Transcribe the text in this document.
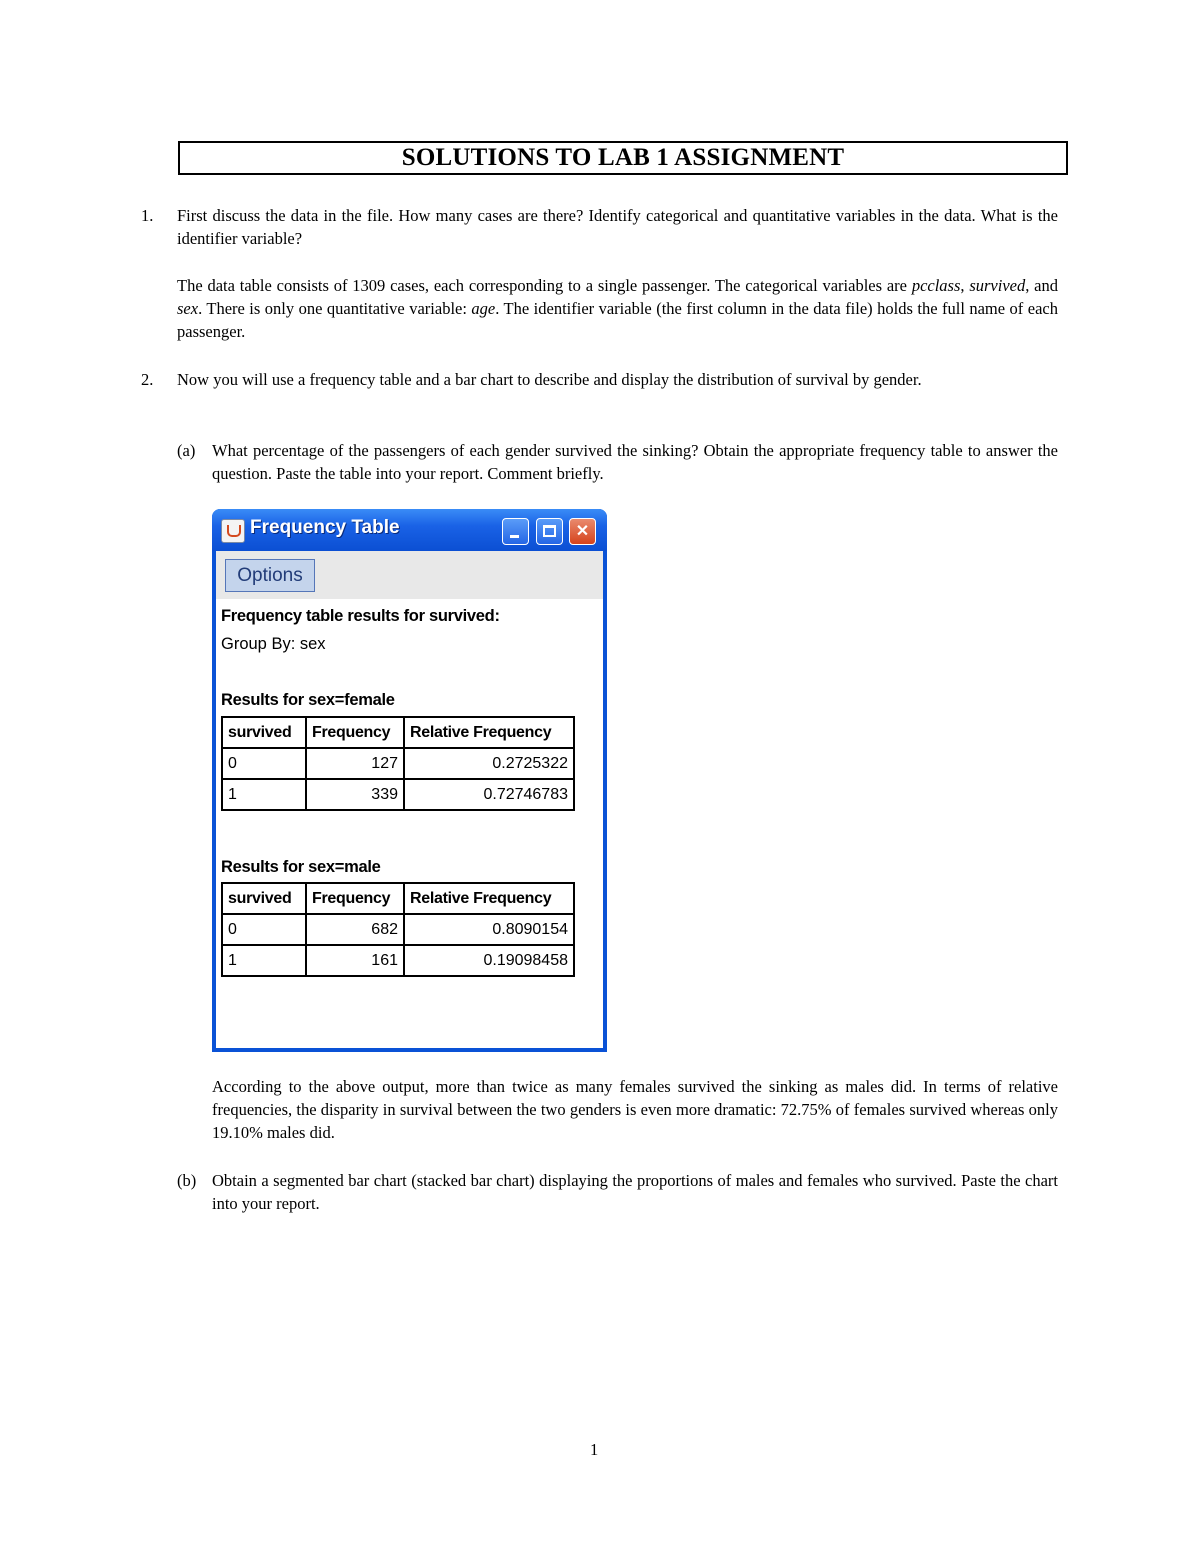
SOLUTIONS TO LAB 1 ASSIGNMENT
1. First discuss the data in the file. How many cases are there? Identify categorical and quantitative variables in the data. What is the identifier variable?
The data table consists of 1309 cases, each corresponding to a single passenger. The categorical variables are pcclass, survived, and sex. There is only one quantitative variable: age. The identifier variable (the first column in the data file) holds the full name of each passenger.
2. Now you will use a frequency table and a bar chart to describe and display the distribution of survival by gender.
(a) What percentage of the passengers of each gender survived the sinking? Obtain the appropriate frequency table to answer the question. Paste the table into your report. Comment briefly.
Frequency Table	✕
Options
Frequency table results for survived:
Group By: sex
Results for sex=female
survived	Frequency	Relative Frequency
0	127	0.2725322
1	339	0.72746783
Results for sex=male
survived	Frequency	Relative Frequency
0	682	0.8090154
1	161	0.19098458
According to the above output, more than twice as many females survived the sinking as males did. In terms of relative frequencies, the disparity in survival between the two genders is even more dramatic: 72.75% of females survived whereas only 19.10% males did.
(b) Obtain a segmented bar chart (stacked bar chart) displaying the proportions of males and females who survived. Paste the chart into your report.
1
